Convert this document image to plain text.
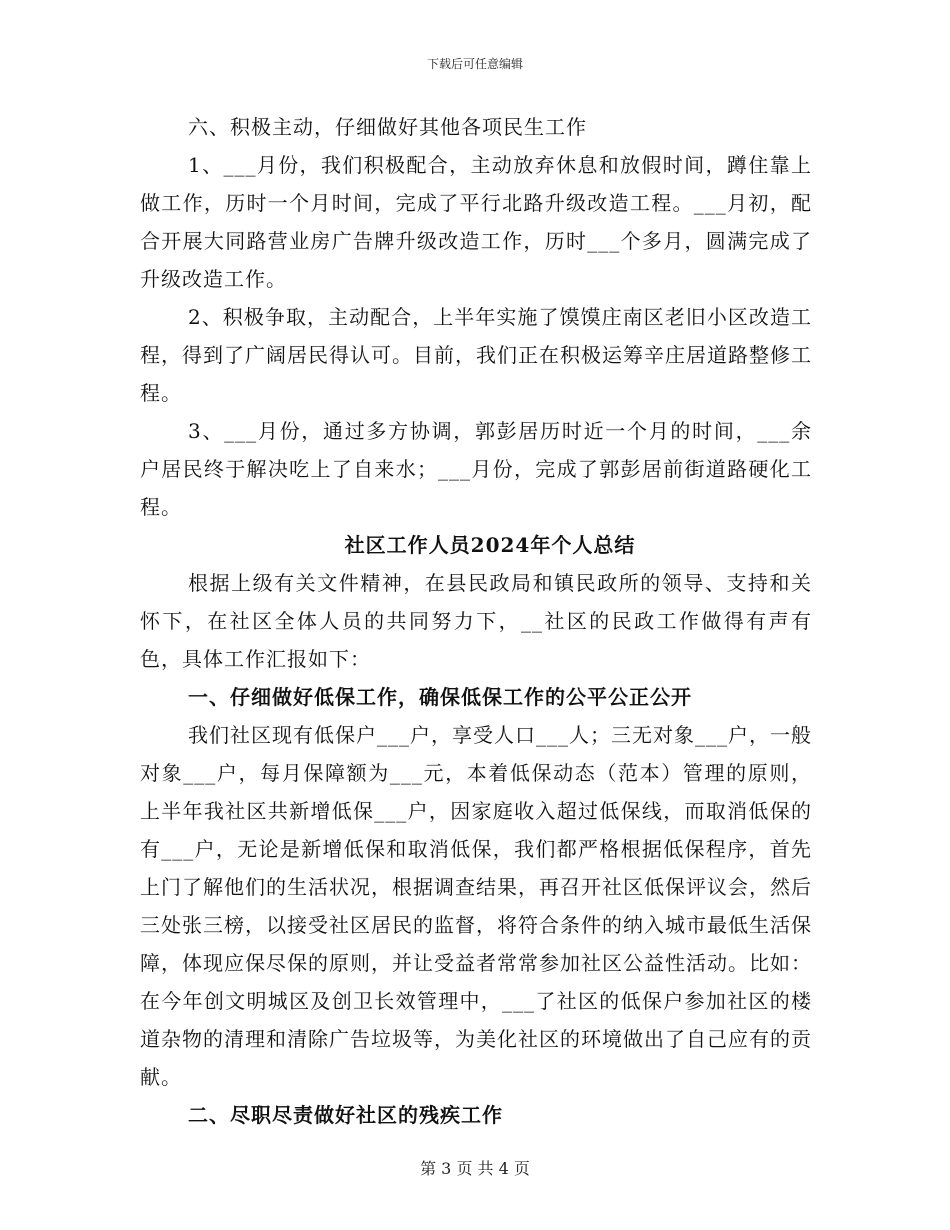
下载后可任意编辑

六、积极主动，仔细做好其他各项民生工作

1、___月份，我们积极配合，主动放弃休息和放假时间，蹲住靠上做工作，历时一个月时间，完成了平行北路升级改造工程。___月初，配合开展大同路营业房广告牌升级改造工作，历时___个多月，圆满完成了升级改造工作。

2、积极争取，主动配合，上半年实施了馍馍庄南区老旧小区改造工程，得到了广阔居民得认可。目前，我们正在积极运筹辛庄居道路整修工程。

3、___月份，通过多方协调，郭彭居历时近一个月的时间，___余户居民终于解决吃上了自来水；___月份，完成了郭彭居前街道路硬化工程。

社区工作人员2024年个人总结

根据上级有关文件精神，在县民政局和镇民政所的领导、支持和关怀下，在社区全体人员的共同努力下，__社区的民政工作做得有声有色，具体工作汇报如下：

一、仔细做好低保工作，确保低保工作的公平公正公开

我们社区现有低保户___户，享受人口___人；三无对象___户，一般对象___户，每月保障额为___元，本着低保动态（范本）管理的原则，上半年我社区共新增低保___户，因家庭收入超过低保线，而取消低保的有___户，无论是新增低保和取消低保，我们都严格根据低保程序，首先上门了解他们的生活状况，根据调查结果，再召开社区低保评议会，然后三处张三榜，以接受社区居民的监督，将符合条件的纳入城市最低生活保障，体现应保尽保的原则，并让受益者常常参加社区公益性活动。比如：在今年创文明城区及创卫长效管理中，___了社区的低保户参加社区的楼道杂物的清理和清除广告垃圾等，为美化社区的环境做出了自己应有的贡献。

二、尽职尽责做好社区的残疾工作

第 3 页 共 4 页
